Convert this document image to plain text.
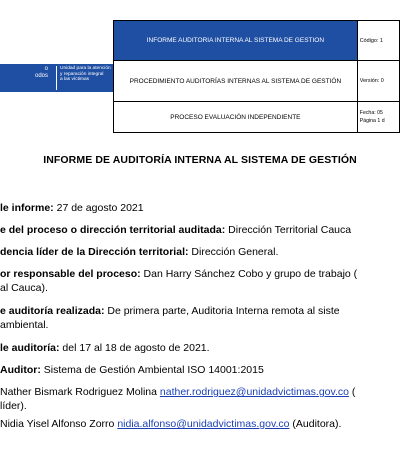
o
odos
Unidad para la atención
y reparación integral
a las víctimas
INFORME AUDITORIA INTERNA AL SISTEMA DE GESTION	Código: 1
PROCEDIMIENTO AUDITORÍAS INTERNAS AL SISTEMA DE GESTIÓN	Versión: 0
PROCESO EVALUACIÓN INDEPENDIENTE	Fecha: 05
Página 1 d
INFORME DE AUDITORÍA INTERNA AL SISTEMA DE GESTIÓN
le informe: 27 de agosto 2021
e del proceso o dirección territorial auditada: Dirección Territorial Cauca
dencia líder de la Dirección territorial: Dirección General.
or responsable del proceso: Dan Harry Sánchez Cobo y grupo de trabajo (
al Cauca).
e auditoría realizada: De primera parte, Auditoria Interna remota al siste
ambiental.
le auditoría: del 17 al 18 de agosto de 2021.
Auditor: Sistema de Gestión Ambiental ISO 14001:2015
Nather Bismark Rodriguez Molina nather.rodriguez@unidadvictimas.gov.co (
líder).
Nidia Yisel Alfonso Zorro nidia.alfonso@unidadvictimas.gov.co (Auditora).
